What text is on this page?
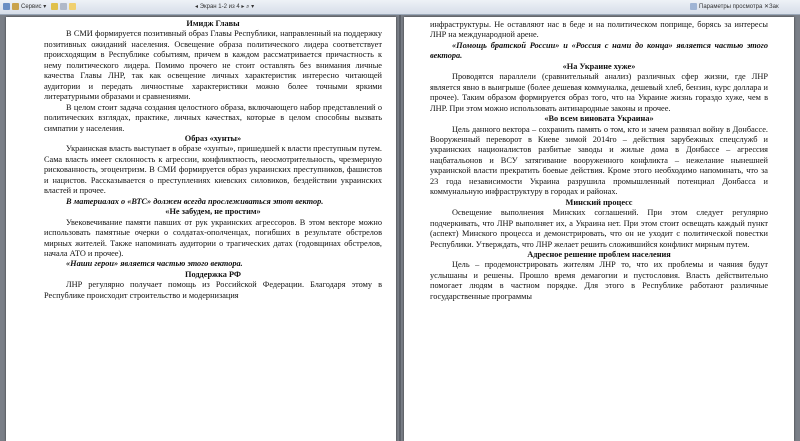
Сервис ▾	◂ Экран 1-2 из 4 ▸ ⌕ ▾	Параметры просмотра ✕Зак

Имидж Главы

В СМИ формируется позитивный образ Главы Республики, направленный на поддержку позитивных ожиданий населения. Освещение образа политического лидера соответствует происходящим в Республике событиям, причем в каждом рассматривается причастность к нему политического лидера. Помимо прочего не стоит оставлять без внимания личные качества Главы ЛНР, так как освещение личных характеристик интересно читающей аудитории и передать личностные характеристики можно более точными яркими литературными образами и сравнениями.

В целом стоит задача создания целостного образа, включающего набор представлений о политических взглядах, практике, личных качествах, которые в целом способны вызвать симпатии у населения.

Образ «хунты»

Украинская власть выступает в образе «хунты», пришедшей к власти преступным путем. Сама власть имеет склонность к агрессии, конфликтность, неосмотрительность, чрезмерную рискованность, эгоцентризм. В СМИ формируется образ украинских преступников, фашистов и нацистов. Рассказывается о преступлениях киевских силовиков, бездействии украинских властей и прочее.

В материалах о «ВТС» должен всегда прослеживаться этот вектор.

«Не забудем, не простим»

Увековечивание памяти павших от рук украинских агрессоров. В этом векторе можно использовать памятные очерки о солдатах-ополченцах, погибших в результате обстрелов мирных жителей. Также напоминать аудитории о трагических датах (годовщинах обстрелов, начала АТО и прочее).

«Наши герои» является частью этого вектора.

Поддержка РФ

ЛНР регулярно получает помощь из Российской Федерации. Благодаря этому в Республике происходит строительство и модернизация

инфраструктуры. Не оставляют нас в беде и на политическом поприще, борясь за интересы ЛНР на международной арене.

«Помощь братской России» и «Россия с нами до конца» является частью этого вектора.

«На Украине хуже»

Проводятся параллели (сравнительный анализ) различных сфер жизни, где ЛНР является явно в выигрыше (более дешевая коммуналка, дешевый хлеб, бензин, курс доллара и прочее). Таким образом формируется образ того, что на Украине жизнь гораздо хуже, чем в ЛНР. При этом можно использовать антинародные законы и прочее.

«Во всем виновата Украина»

Цель данного вектора – сохранить память о том, кто и зачем развязал войну в Донбассе. Вооруженный переворот в Киеве зимой 2014го – действия зарубежных спецслужб и украинских националистов разбитые заводы и жилые дома в Донбассе – агрессия нацбатальонов и ВСУ затягивание вооруженного конфликта – нежелание нынешней украинской власти прекратить боевые действия. Кроме этого необходимо напоминать, что за 23 года независимости Украина разрушила промышленный потенциал Донбасса и коммунальную инфраструктуру в городах и районах.

Минский процесс

Освещение выполнения Минских соглашений. При этом следует регулярно подчеркивать, что ЛНР выполняет их, а Украина нет. При этом стоит освещать каждый пункт (аспект) Минского процесса и демонстрировать, что он не уходит с политической повестки Республики. Утверждать, что ЛНР желает решить сложившийся конфликт мирным путем.

Адресное решение проблем населения

Цель – продемонстрировать жителям ЛНР то, что их проблемы и чаяния будут услышаны и решены. Прошло время демагогии и пустословия. Власть действительно помогает людям в частном порядке. Для этого в Республике работают различные государственные программы
